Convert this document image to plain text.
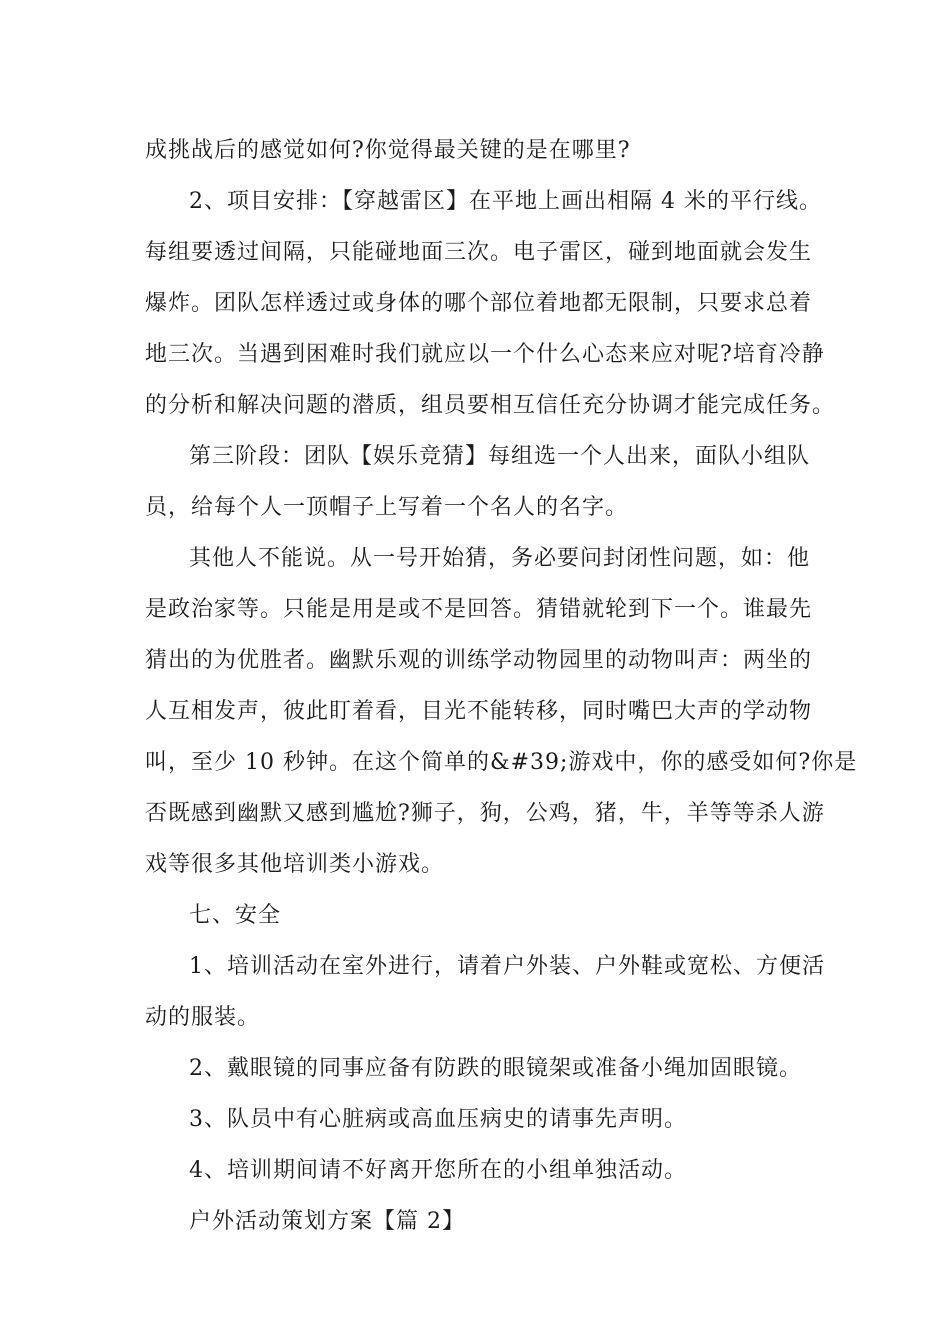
成挑战后的感觉如何?你觉得最关键的是在哪里?
2、项目安排：【穿越雷区】在平地上画出相隔 4 米的平行线。
每组要透过间隔，只能碰地面三次。电子雷区，碰到地面就会发生
爆炸。团队怎样透过或身体的哪个部位着地都无限制，只要求总着
地三次。当遇到困难时我们就应以一个什么心态来应对呢?培育冷静
的分析和解决问题的潜质，组员要相互信任充分协调才能完成任务。
第三阶段：团队【娱乐竞猜】每组选一个人出来，面队小组队
员，给每个人一顶帽子上写着一个名人的名字。
其他人不能说。从一号开始猜，务必要问封闭性问题，如：他
是政治家等。只能是用是或不是回答。猜错就轮到下一个。谁最先
猜出的为优胜者。幽默乐观的训练学动物园里的动物叫声：两坐的
人互相发声，彼此盯着看，目光不能转移，同时嘴巴大声的学动物
叫，至少 10 秒钟。在这个简单的&#39;游戏中，你的感受如何?你是
否既感到幽默又感到尴尬?狮子，狗，公鸡，猪，牛，羊等等杀人游
戏等很多其他培训类小游戏。
七、安全
1、培训活动在室外进行，请着户外装、户外鞋或宽松、方便活
动的服装。
2、戴眼镜的同事应备有防跌的眼镜架或准备小绳加固眼镜。
3、队员中有心脏病或高血压病史的请事先声明。
4、培训期间请不好离开您所在的小组单独活动。
户外活动策划方案【篇 2】
